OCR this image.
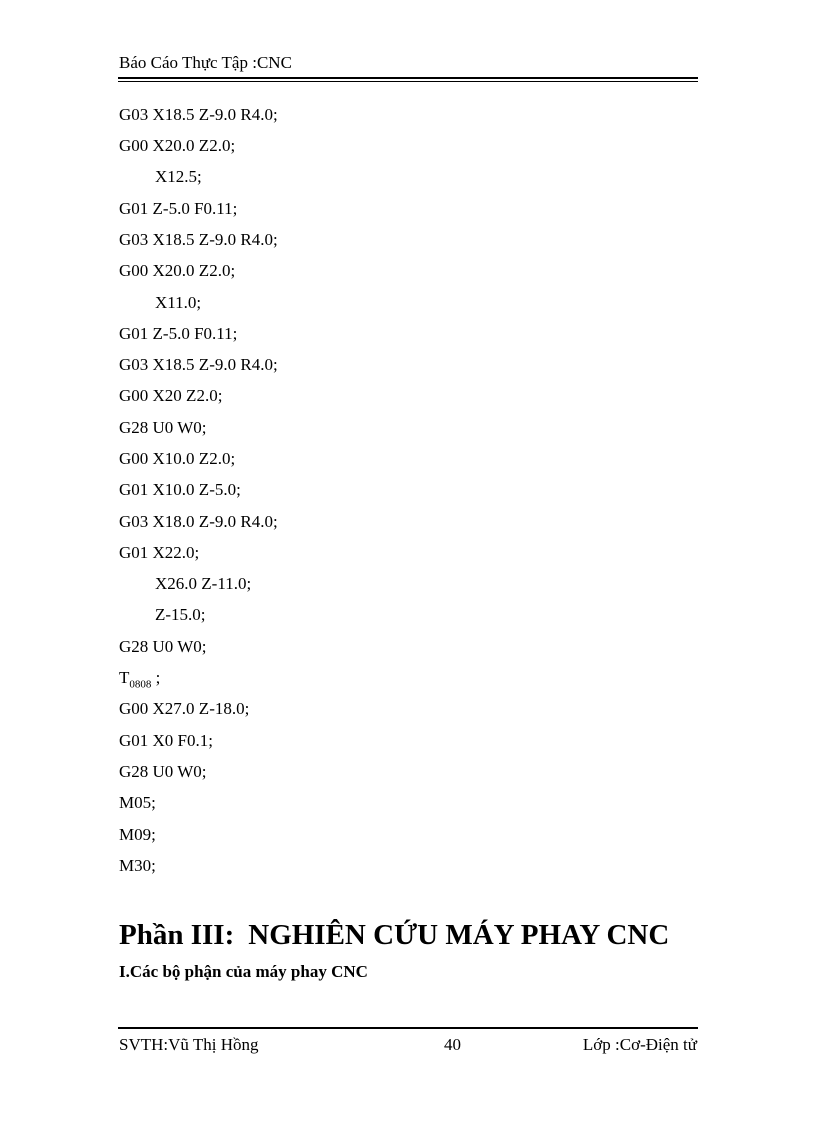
Báo Cáo Thực Tập :CNC
G03 X18.5 Z-9.0 R4.0;
G00 X20.0 Z2.0;
X12.5;
G01 Z-5.0 F0.11;
G03 X18.5 Z-9.0 R4.0;
G00 X20.0 Z2.0;
X11.0;
G01 Z-5.0 F0.11;
G03 X18.5 Z-9.0 R4.0;
G00 X20 Z2.0;
G28 U0 W0;
G00 X10.0 Z2.0;
G01 X10.0 Z-5.0;
G03 X18.0 Z-9.0 R4.0;
G01 X22.0;
X26.0 Z-11.0;
Z-15.0;
G28 U0 W0;
$T_{0808}$ ;
G00 X27.0 Z-18.0;
G01 X0 F0.1;
G28 U0 W0;
M05;
M09;
M30;
Phần III: NGHIÊN CỨU MÁY PHAY CNC
I.Các bộ phận của máy phay CNC
SVTH:Vũ Thị Hồng	40	Lớp :Cơ-Điện tử
